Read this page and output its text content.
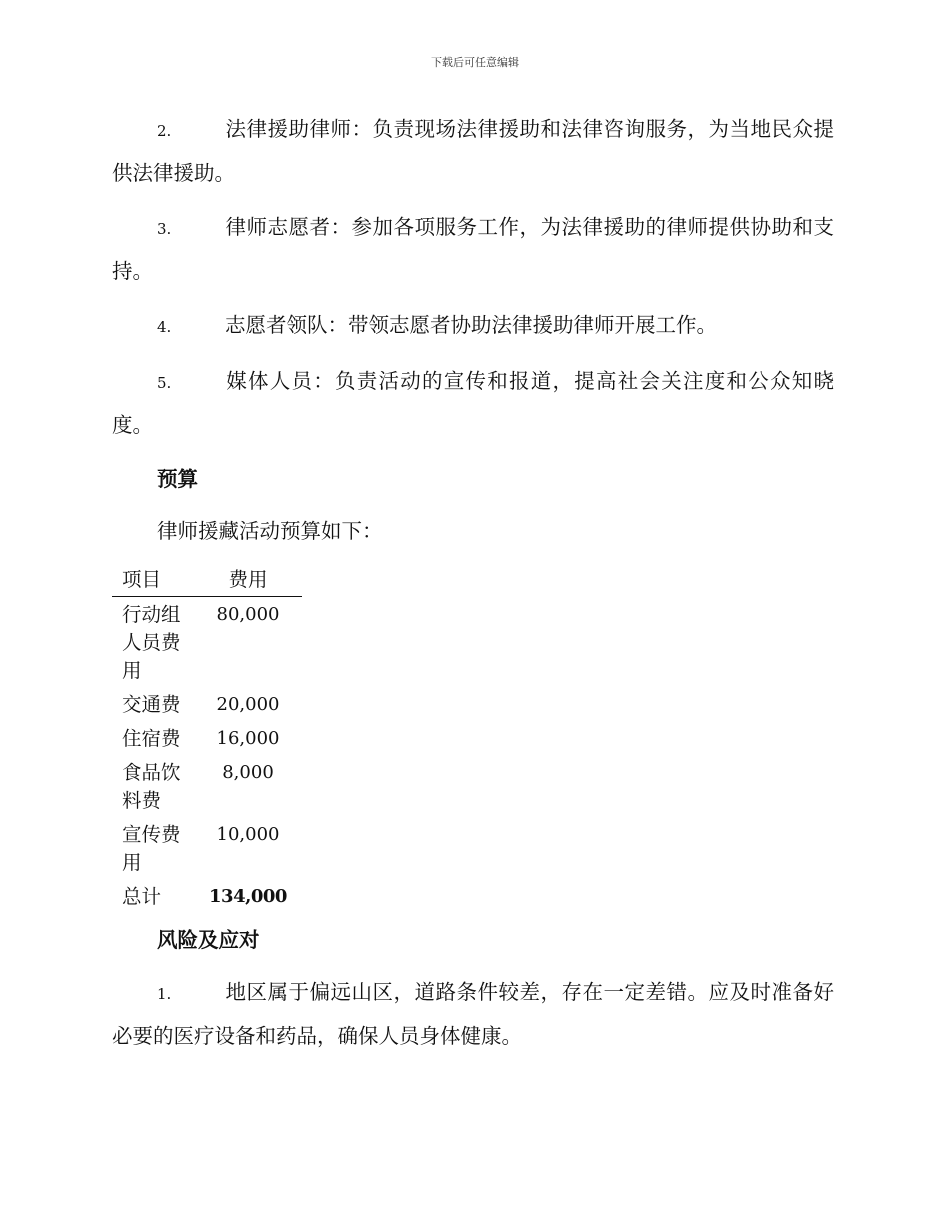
下载后可任意编辑

2.	法律援助律师：负责现场法律援助和法律咨询服务，为当地民众提供法律援助。

3.	律师志愿者：参加各项服务工作，为法律援助的律师提供协助和支持。

4.	志愿者领队：带领志愿者协助法律援助律师开展工作。

5.	媒体人员：负责活动的宣传和报道，提高社会关注度和公众知晓度。

预算
律师援藏活动预算如下：
项目	费用
行动组人员费用	80,000
交通费	20,000
住宿费	16,000
食品饮料费	8,000
宣传费用	10,000
总计	134,000
风险及应对

1.	地区属于偏远山区，道路条件较差，存在一定差错。应及时准备好必要的医疗设备和药品，确保人员身体健康。
